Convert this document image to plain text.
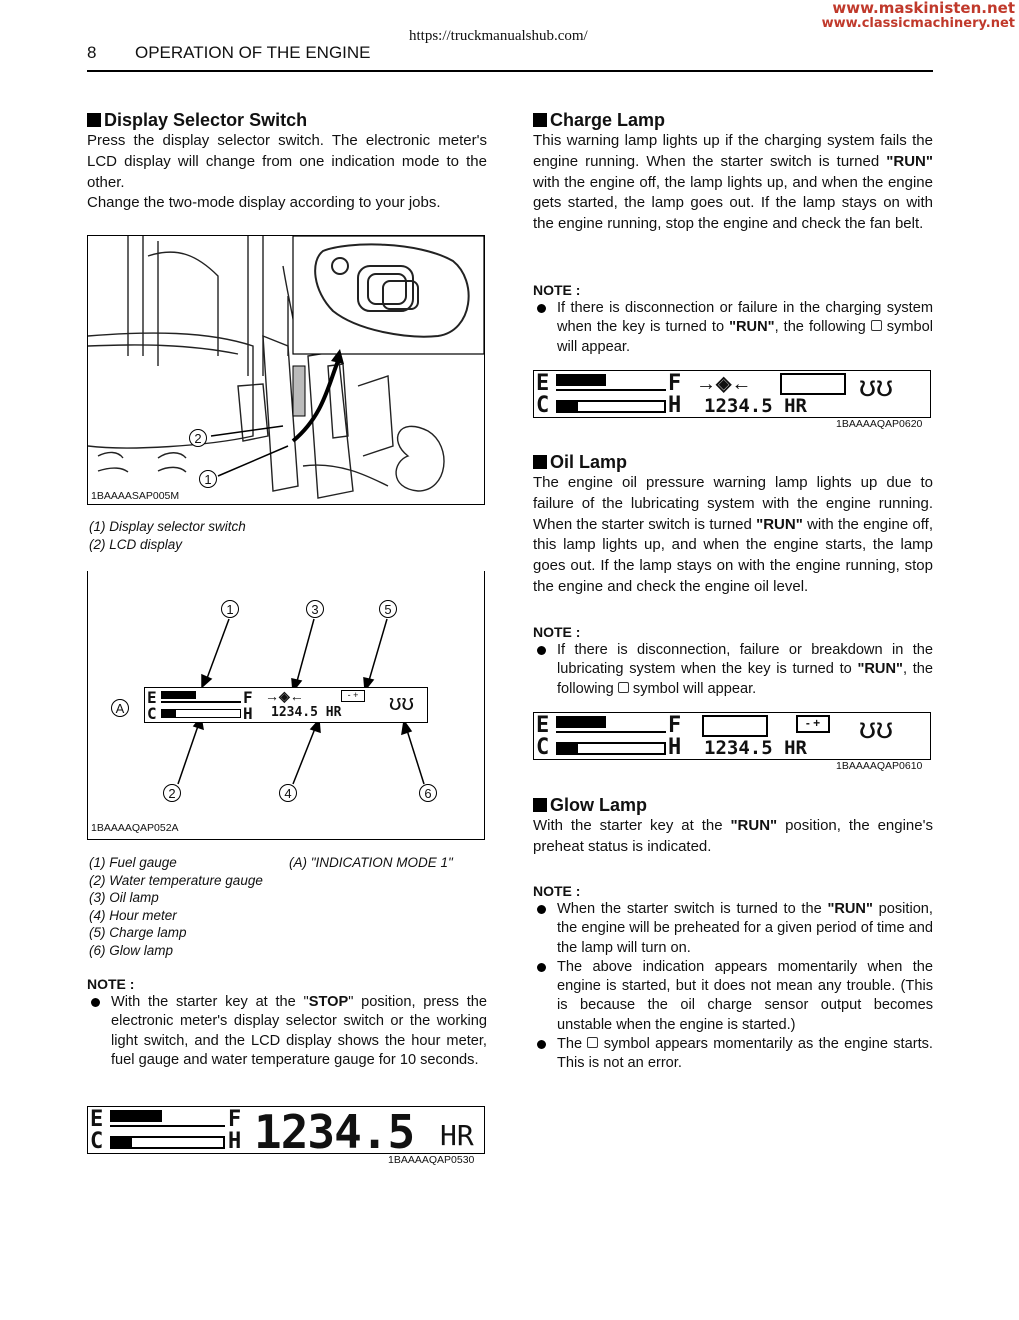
www.maskinisten.net
www.classicmachinery.net
https://truckmanualshub.com/
8 OPERATION OF THE ENGINE
Display Selector Switch

Press the display selector switch. The electronic meter's LCD display will change from one indication mode to the other.

Change the two-mode display according to your jobs.

2
1
1BAAAASAP005M
(1) Display selector switch
(2) LCD display
1	3	5
A
2	4	6
E
C
F
H
→◈←	- +	ʊʊ
1234.5 HR
1BAAAAQAP052A
(1) Fuel gauge
(2) Water temperature gauge
(3) Oil lamp
(4) Hour meter
(5) Charge lamp
(6) Glow lamp
(A) "INDICATION MODE 1"
NOTE :
With the starter key at the "STOP" position, press the electronic meter's display selector switch or the working light switch, and the LCD display shows the hour meter, fuel gauge and water temperature gauge for 10 seconds.
E
C
F
H 1234.5 HR
1BAAAAQAP0530
Charge Lamp

This warning lamp lights up if the charging system fails the engine running. When the starter switch is turned "RUN" with the engine off, the lamp lights up, and when the engine gets started, the lamp goes out. If the lamp stays on with the engine running, stop the engine and check the fan belt.

NOTE :
If there is disconnection or failure in the charging system when the key is turned to "RUN", the following  symbol will appear.
E
C
F
H
→◈←	ʊʊ
1234.5 HR
1BAAAAQAP0620
Oil Lamp

The engine oil pressure warning lamp lights up due to failure of the lubricating system with the engine running. When the starter switch is turned "RUN" with the engine off, this lamp lights up, and when the engine starts, the lamp goes out. If the lamp stays on with the engine running, stop the engine and check the engine oil level.

NOTE :
If there is disconnection, failure or breakdown in the lubricating system when the key is turned to "RUN", the following  symbol will appear.
E
C
F
H
- +	ʊʊ
1234.5 HR
1BAAAAQAP0610
Glow Lamp

With the starter key at the "RUN" position, the engine's preheat status is indicated.

NOTE :
When the starter switch is turned to the "RUN" position, the engine will be preheated for a given period of time and the lamp will turn on.
The above indication appears momentarily when the engine is started, but it does not mean any trouble. (This is because the oil charge sensor output becomes unstable when the engine is started.)
The  symbol appears momentarily as the engine starts. This is not an error.
